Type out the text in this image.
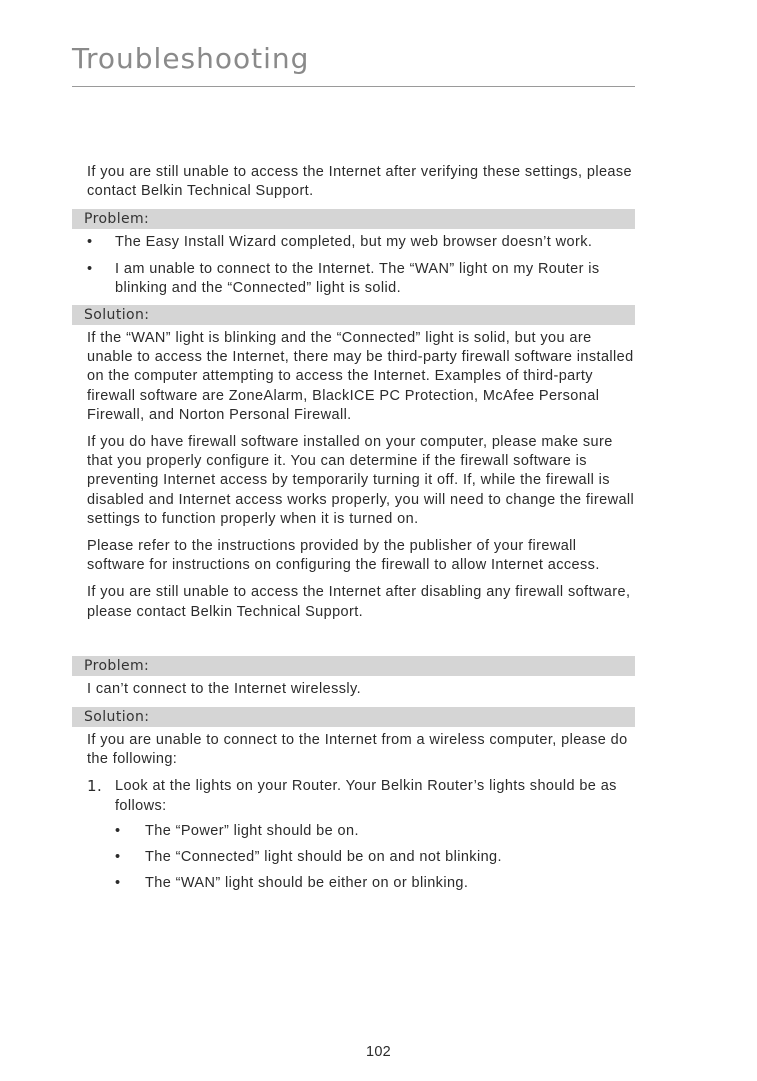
Troubleshooting

If you are still unable to access the Internet after verifying these settings, please contact Belkin Technical Support.

Problem:
• The Easy Install Wizard completed, but my web browser doesn’t work.
• I am unable to connect to the Internet. The “WAN” light on my Router is blinking and the “Connected” light is solid.
Solution:

If the “WAN” light is blinking and the “Connected” light is solid, but you are unable to access the Internet, there may be third-party firewall software installed on the computer attempting to access the Internet. Examples of third-party firewall software are ZoneAlarm, BlackICE PC Protection, McAfee Personal Firewall, and Norton Personal Firewall.

If you do have firewall software installed on your computer, please make sure that you properly configure it. You can determine if the firewall software is preventing Internet access by temporarily turning it off. If, while the firewall is disabled and Internet access works properly, you will need to change the firewall settings to function properly when it is turned on.

Please refer to the instructions provided by the publisher of your firewall software for instructions on configuring the firewall to allow Internet access.

If you are still unable to access the Internet after disabling any firewall software, please contact Belkin Technical Support.

Problem:

I can’t connect to the Internet wirelessly.

Solution:

If you are unable to connect to the Internet from a wireless computer, please do the following:

1. Look at the lights on your Router. Your Belkin Router’s lights should be as follows:
• The “Power” light should be on.
• The “Connected” light should be on and not blinking.
• The “WAN” light should be either on or blinking.
102
